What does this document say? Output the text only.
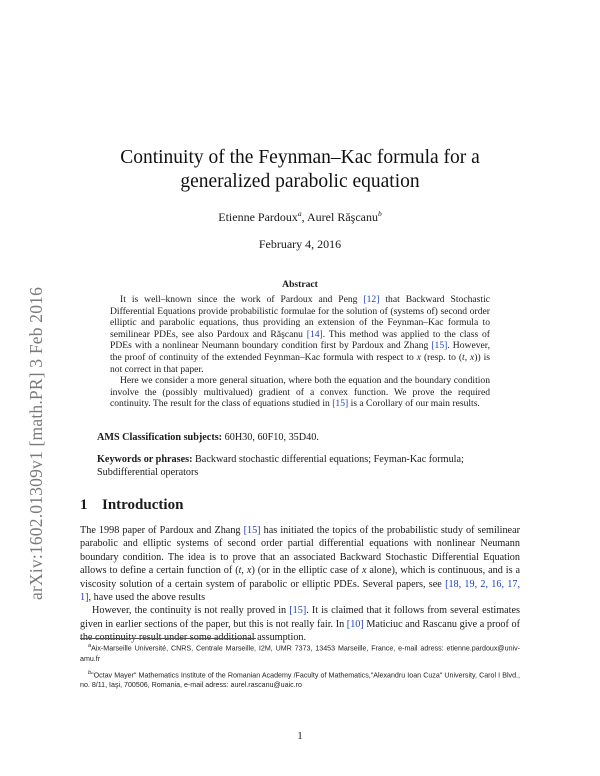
arXiv:1602.01309v1 [math.PR] 3 Feb 2016
Continuity of the Feynman–Kac formula for a
generalized parabolic equation
Etienne Pardoux$^a$, Aurel Răşcanu$^b$
February 4, 2016
Abstract

It is well–known since the work of Pardoux and Peng [12] that Backward Stochastic Differential Equations provide probabilistic formulae for the solution of (systems of) second order elliptic and parabolic equations, thus providing an extension of the Feynman–Kac formula to semilinear PDEs, see also Pardoux and Răşcanu [14]. This method was applied to the class of PDEs with a nonlinear Neumann boundary condition first by Pardoux and Zhang [15]. However, the proof of continuity of the extended Feynman–Kac formula with respect to x (resp. to (t, x)) is not correct in that paper.

Here we consider a more general situation, where both the equation and the boundary condition involve the (possibly multivalued) gradient of a convex function. We prove the required continuity. The result for the class of equations studied in [15] is a Corollary of our main results.

AMS Classification subjects: 60H30, 60F10, 35D40.
Keywords or phrases: Backward stochastic differential equations; Feyman-Kac formula; Subdifferential operators
1 Introduction

The 1998 paper of Pardoux and Zhang [15] has initiated the topics of the probabilistic study of semilinear parabolic and elliptic systems of second order partial differential equations with nonlinear Neumann boundary condition. The idea is to prove that an associated Backward Stochastic Differential Equation allows to define a certain function of (t, x) (or in the elliptic case of x alone), which is continuous, and is a viscosity solution of a certain system of parabolic or elliptic PDEs. Several papers, see [18, 19, 2, 16, 17, 1], have used the above results

However, the continuity is not really proved in [15]. It is claimed that it follows from several estimates given in earlier sections of the paper, but this is not really fair. In [10] Maticiuc and Rascanu give a proof of the continuity result under some additional assumption.

$^a$Aix-Marseille Université, CNRS, Centrale Marseille, I2M, UMR 7373, 13453 Marseille, France, e-mail adress: etienne.pardoux@univ-amu.fr

$^b$"Octav Mayer" Mathematics Institute of the Romanian Academy /Faculty of Mathematics,"Alexandru Ioan Cuza" University, Carol I Blvd., no. 8/11, Iaşi, 700506, Romania, e-mail adress: aurel.rascanu@uaic.ro

1
